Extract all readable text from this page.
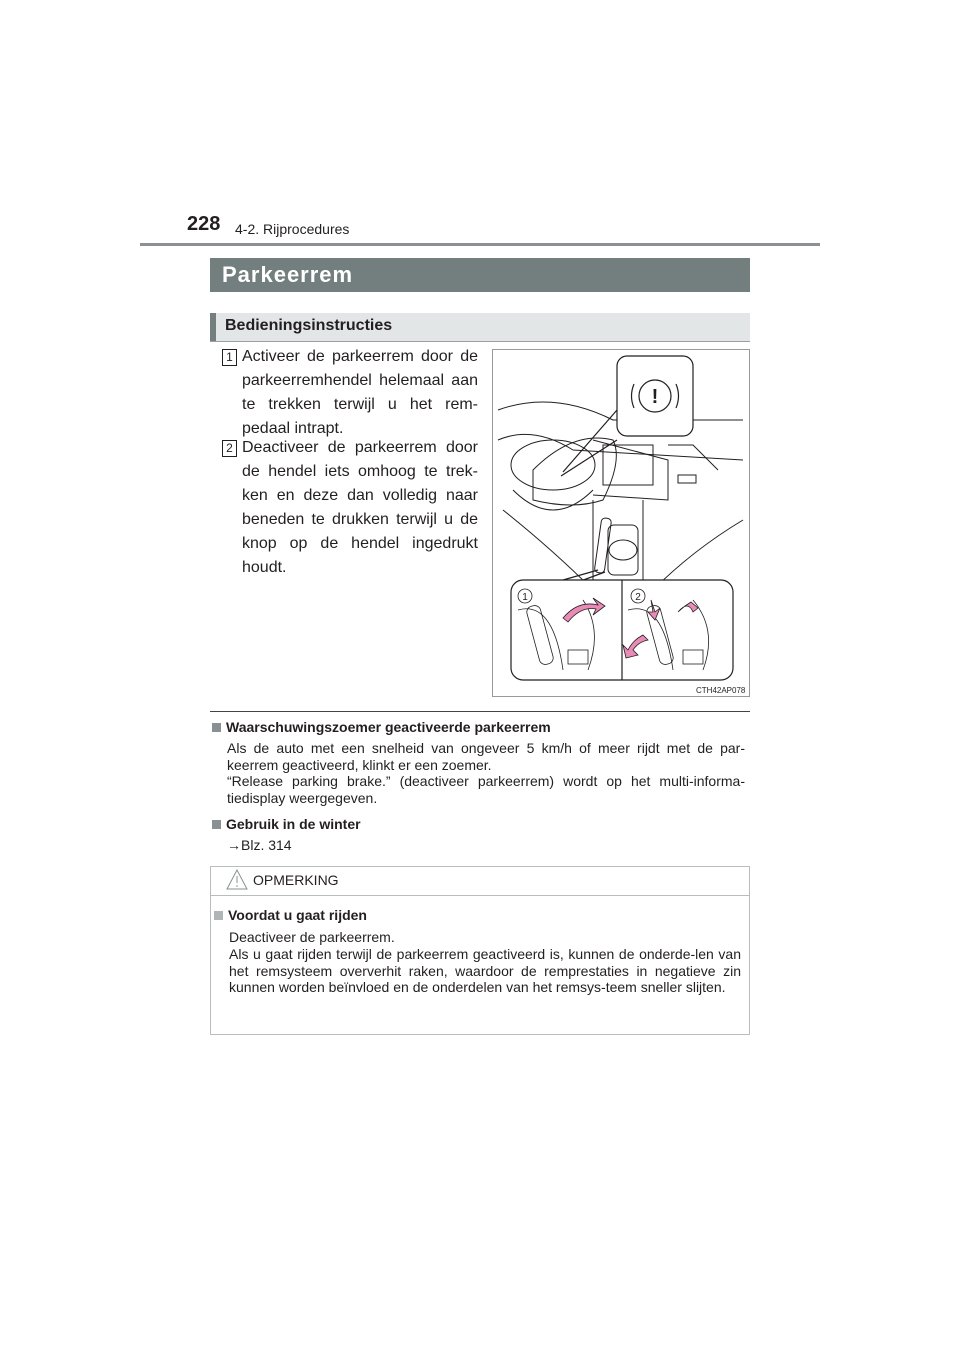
228 4-2. Rijprocedures
Parkeerrem
Bedieningsinstructies
1 Activeer de parkeerrem door de parkeerremhendel helemaal aan te trekken terwijl u het rem-pedaal intrapt.
2 Deactiveer de parkeerrem door de hendel iets omhoog te trek-ken en deze dan volledig naar beneden te drukken terwijl u de knop op de hendel ingedrukt houdt.
!
1	2
CTH42AP078
Waarschuwingszoemer geactiveerde parkeerrem
Als de auto met een snelheid van ongeveer 5 km/h of meer rijdt met de par-keerrem geactiveerd, klinkt er een zoemer.
“Release parking brake.” (deactiveer parkeerrem) wordt op het multi-informa-tiedisplay weergegeven.
Gebruik in de winter
→Blz. 314
OPMERKING
Voordat u gaat rijden
Deactiveer de parkeerrem.
Als u gaat rijden terwijl de parkeerrem geactiveerd is, kunnen de onderde-len van het remsysteem oververhit raken, waardoor de remprestaties in negatieve zin kunnen worden beïnvloed en de onderdelen van het remsys-teem sneller slijten.
